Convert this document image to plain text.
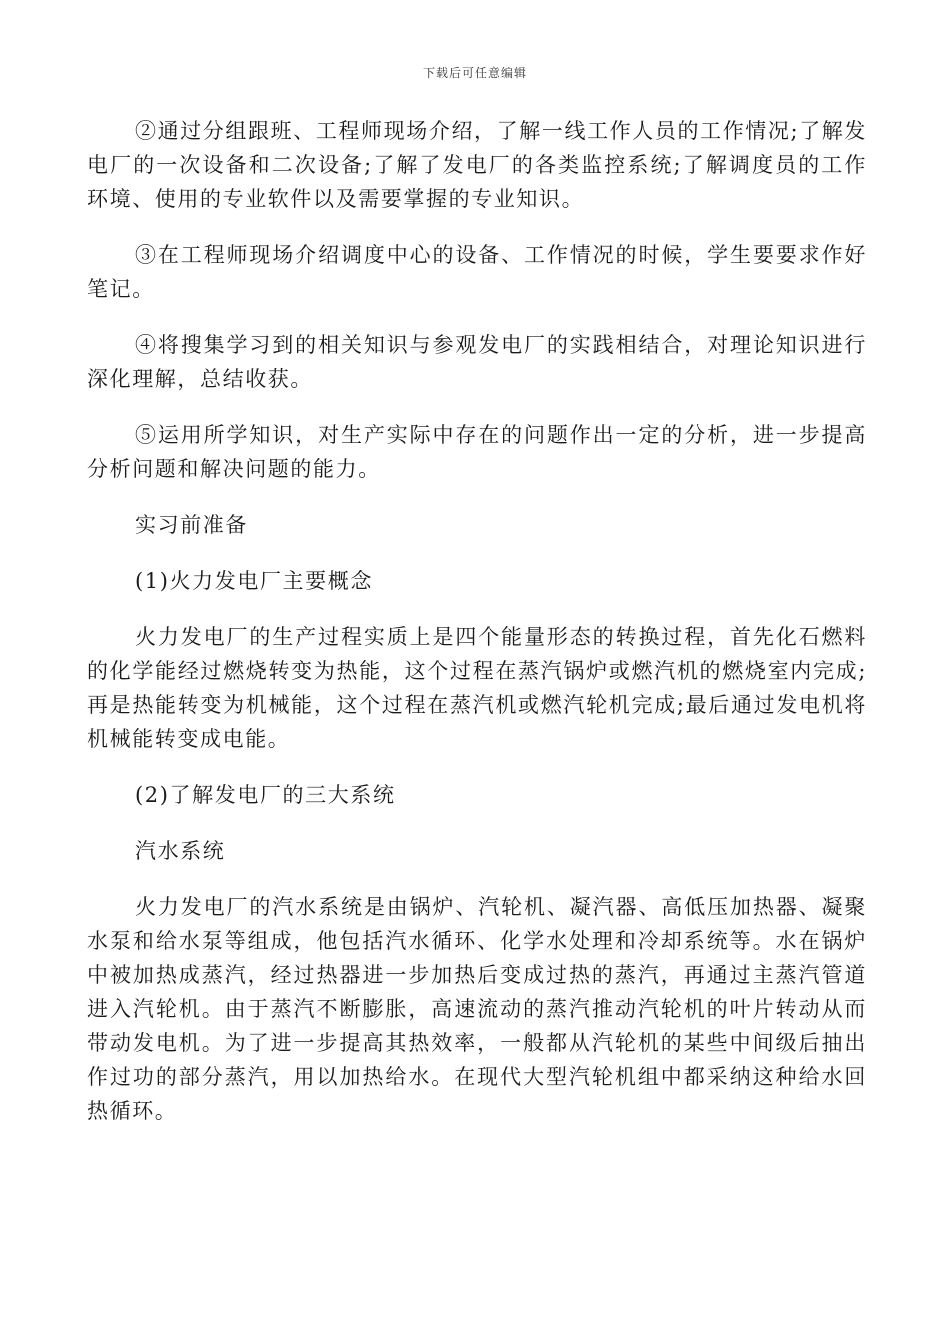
下载后可任意编辑

②通过分组跟班、工程师现场介绍，了解一线工作人员的工作情况;了解发电厂的一次设备和二次设备;了解了发电厂的各类监控系统;了解调度员的工作环境、使用的专业软件以及需要掌握的专业知识。

③在工程师现场介绍调度中心的设备、工作情况的时候，学生要要求作好笔记。

④将搜集学习到的相关知识与参观发电厂的实践相结合，对理论知识进行深化理解，总结收获。

⑤运用所学知识，对生产实际中存在的问题作出一定的分析，进一步提高分析问题和解决问题的能力。

实习前准备

(1)火力发电厂主要概念

火力发电厂的生产过程实质上是四个能量形态的转换过程，首先化石燃料的化学能经过燃烧转变为热能，这个过程在蒸汽锅炉或燃汽机的燃烧室内完成;再是热能转变为机械能，这个过程在蒸汽机或燃汽轮机完成;最后通过发电机将机械能转变成电能。

(2)了解发电厂的三大系统

汽水系统

火力发电厂的汽水系统是由锅炉、汽轮机、凝汽器、高低压加热器、凝聚水泵和给水泵等组成，他包括汽水循环、化学水处理和冷却系统等。水在锅炉中被加热成蒸汽，经过热器进一步加热后变成过热的蒸汽，再通过主蒸汽管道进入汽轮机。由于蒸汽不断膨胀，高速流动的蒸汽推动汽轮机的叶片转动从而带动发电机。为了进一步提高其热效率，一般都从汽轮机的某些中间级后抽出作过功的部分蒸汽，用以加热给水。在现代大型汽轮机组中都采纳这种给水回热循环。
